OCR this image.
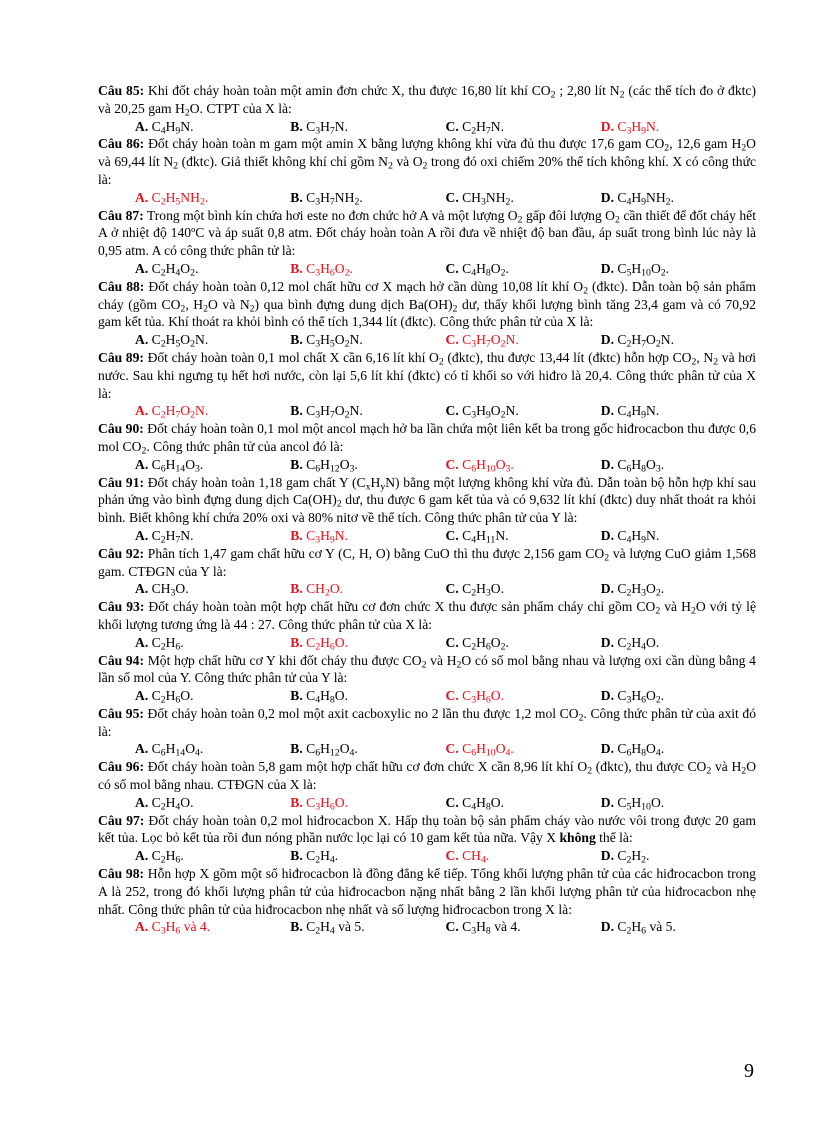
Câu 85: Khi đốt cháy hoàn toàn một amin đơn chức X, thu được 16,80 lít khí $CO_2$ ; 2,80 lít $N_2$ (các thể tích đo ở đktc) và 20,25 gam $H_2O$. CTPT của X là:

A. $C_4H_9N$.	B. $C_3H_7N$.	C. $C_2H_7N$.	D. $C_3H_9N$.

Câu 86: Đốt cháy hoàn toàn m gam một amin X bằng lượng không khí vừa đủ thu được 17,6 gam $CO_2$, 12,6 gam $H_2O$ và 69,44 lít $N_2$ (đktc). Giả thiết không khí chỉ gồm $N_2$ và $O_2$ trong đó oxi chiếm 20% thể tích không khí. X có công thức là:

A. $C_2H_5NH_2$.	B. $C_3H_7NH_2$.	C. $CH_3NH_2$.	D. $C_4H_9NH_2$.

Câu 87: Trong một bình kín chứa hơi este no đơn chức hở A và một lượng $O_2$ gấp đôi lượng $O_2$ cần thiết để đốt cháy hết A ở nhiệt độ 140ºC và áp suất 0,8 atm. Đốt cháy hoàn toàn A rồi đưa về nhiệt độ ban đầu, áp suất trong bình lúc này là 0,95 atm. A có công thức phân tử là:

A. $C_2H_4O_2$.	B. $C_3H_6O_2$.	C. $C_4H_8O_2$.	D. $C_5H_{10}O_2$.

Câu 88: Đốt cháy hoàn toàn 0,12 mol chất hữu cơ X mạch hở cần dùng 10,08 lít khí $O_2$ (đktc). Dẫn toàn bộ sản phẩm cháy (gồm $CO_2$, $H_2O$ và $N_2$) qua bình đựng dung dịch $Ba(OH)_2$ dư, thấy khối lượng bình tăng 23,4 gam và có 70,92 gam kết tủa. Khí thoát ra khỏi bình có thể tích 1,344 lít (đktc). Công thức phân tử của X là:

A. $C_2H_5O_2N$.	B. $C_3H_5O_2N$.	C. $C_3H_7O_2N$.	D. $C_2H_7O_2N$.

Câu 89: Đốt cháy hoàn toàn 0,1 mol chất X cần 6,16 lít khí $O_2$ (đktc), thu được 13,44 lít (đktc) hỗn hợp $CO_2$, $N_2$ và hơi nước. Sau khi ngưng tụ hết hơi nước, còn lại 5,6 lít khí (đktc) có tỉ khối so với hiđro là 20,4. Công thức phân tử của X là:

A. $C_2H_7O_2N$.	B. $C_3H_7O_2N$.	C. $C_3H_9O_2N$.	D. $C_4H_9N$.

Câu 90: Đốt cháy hoàn toàn 0,1 mol một ancol mạch hở ba lần chứa một liên kết ba trong gốc hiđrocacbon thu được 0,6 mol $CO_2$. Công thức phân tử của ancol đó là:

A. $C_6H_{14}O_3$.	B. $C_6H_{12}O_3$.	C. $C_6H_{10}O_3$.	D. $C_6H_8O_3$.

Câu 91: Đốt cháy hoàn toàn 1,18 gam chất Y $(C_xH_yN)$ bằng một lượng không khí vừa đủ. Dẫn toàn bộ hỗn hợp khí sau phản ứng vào bình đựng dung dịch $Ca(OH)_2$ dư, thu được 6 gam kết tủa và có 9,632 lít khí (đktc) duy nhất thoát ra khỏi bình. Biết không khí chứa 20% oxi và 80% nitơ về thể tích. Công thức phân tử của Y là:

A. $C_2H_7N$.	B. $C_3H_9N$.	C. $C_4H_{11}N$.	D. $C_4H_9N$.

Câu 92: Phân tích 1,47 gam chất hữu cơ Y (C, H, O) bằng CuO thì thu được 2,156 gam $CO_2$ và lượng CuO giảm 1,568 gam. CTĐGN của Y là:

A. $CH_3O$.	B. $CH_2O$.	C. $C_2H_3O$.	D. $C_2H_3O_2$.

Câu 93: Đốt cháy hoàn toàn một hợp chất hữu cơ đơn chức X thu được sản phẩm cháy chỉ gồm $CO_2$ và $H_2O$ với tỷ lệ khối lượng tương ứng là 44 : 27. Công thức phân tử của X là:

A. $C_2H_6$.	B. $C_2H_6O$.	C. $C_2H_6O_2$.	D. $C_2H_4O$.

Câu 94: Một hợp chất hữu cơ Y khi đốt cháy thu được $CO_2$ và $H_2O$ có số mol bằng nhau và lượng oxi cần dùng bằng 4 lần số mol của Y. Công thức phân tử của Y là:

A. $C_2H_6O$.	B. $C_4H_8O$.	C. $C_3H_6O$.	D. $C_3H_6O_2$.

Câu 95: Đốt cháy hoàn toàn 0,2 mol một axit cacboxylic no 2 lần thu được 1,2 mol $CO_2$. Công thức phân tử của axit đó là:

A. $C_6H_{14}O_4$.	B. $C_6H_{12}O_4$.	C. $C_6H_{10}O_4$.	D. $C_6H_8O_4$.

Câu 96: Đốt cháy hoàn toàn 5,8 gam một hợp chất hữu cơ đơn chức X cần 8,96 lít khí $O_2$ (đktc), thu được $CO_2$ và $H_2O$ có số mol bằng nhau. CTĐGN của X là:

A. $C_2H_4O$.	B. $C_3H_6O$.	C. $C_4H_8O$.	D. $C_5H_{10}O$.

Câu 97: Đốt cháy hoàn toàn 0,2 mol hiđrocacbon X. Hấp thụ toàn bộ sản phẩm cháy vào nước vôi trong được 20 gam kết tủa. Lọc bỏ kết tủa rồi đun nóng phần nước lọc lại có 10 gam kết tủa nữa. Vậy X không thể là:

A. $C_2H_6$.	B. $C_2H_4$.	C. $CH_4$.	D. $C_2H_2$.

Câu 98: Hỗn hợp X gồm một số hiđrocacbon là đồng đẳng kế tiếp. Tổng khối lượng phân tử của các hiđrocacbon trong A là 252, trong đó khối lượng phân tử của hiđrocacbon nặng nhất bằng 2 lần khối lượng phân tử của hiđrocacbon nhẹ nhất. Công thức phân tử của hiđrocacbon nhẹ nhất và số lượng hiđrocacbon trong X là:

A. $C_3H_6$ và 4.	B. $C_2H_4$ và 5.	C. $C_3H_8$ và 4.	D. $C_2H_6$ và 5.
9
